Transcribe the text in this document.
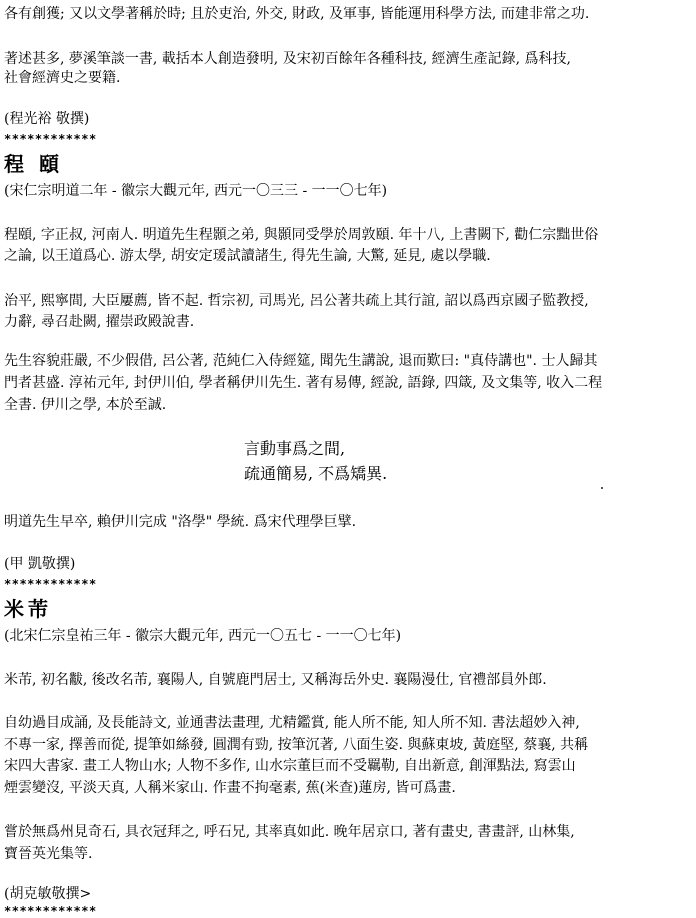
各有創獲; 又以文學著稱於時; 且於吏治, 外交, 財政, 及軍事, 皆能運用科學方法, 而建非常之功.
著述甚多, 夢溪筆談一書, 載括本人創造發明, 及宋初百餘年各種科技, 經濟生產記錄, 爲科技,
社會經濟史之要籍.
(程光裕 敬撰)
************
程 頤
(宋仁宗明道二年 - 徽宗大觀元年, 西元一〇三三 - 一一〇七年)
程頤, 字正叔, 河南人. 明道先生程顥之弟, 與顥同受學於周敦頤. 年十八, 上書闕下, 勸仁宗黜世俗
之論, 以王道爲心. 游太學, 胡安定瑗試讀諸生, 得先生論, 大驚, 延見, 處以學職.
治平, 熙寧間, 大臣屢薦, 皆不起. 哲宗初, 司馬光, 呂公著共疏上其行誼, 詔以爲西京國子監教授,
力辭, 尋召赴闕, 擢崇政殿說書.
先生容貌莊嚴, 不少假借, 呂公著, 范純仁入侍經筵, 聞先生講說, 退而歎曰: "真侍講也". 士人歸其
門者甚盛. 淳祐元年, 封伊川伯, 學者稱伊川先生. 著有易傳, 經說, 語錄, 四箴, 及文集等, 收入二程
全書. 伊川之學, 本於至誠.
言動事爲之間,
疏通簡易, 不爲矯異.
明道先生早卒, 賴伊川完成 "洛學" 學統. 爲宋代理學巨擘.
(甲 凱敬撰)
************
米芾
(北宋仁宗皇祐三年 - 徽宗大觀元年, 西元一〇五七 - 一一〇七年)
米芾, 初名黻, 後改名芾, 襄陽人, 自號鹿門居士, 又稱海岳外史. 襄陽漫仕, 官禮部員外郎.
自幼過目成誦, 及長能詩文, 並通書法畫理, 尤精鑑賞, 能人所不能, 知人所不知. 書法超妙入神,
不專一家, 擇善而從, 提筆如絲發, 圓潤有勁, 按筆沉著, 八面生姿. 與蘇東坡, 黃庭堅, 蔡襄, 共稱
宋四大書家. 畫工人物山水; 人物不多作, 山水宗董巨而不受羈勒, 自出新意, 創渾點法, 寫雲山
煙雲變沒, 平淡天真, 人稱米家山. 作畫不拘毫素, 蕉(米查)蓮房, 皆可爲畫.
嘗於無爲州見奇石, 具衣冠拜之, 呼石兄, 其率真如此. 晚年居京口, 著有畫史, 書畫評, 山林集,
寶晉英光集等.
(胡克敏敬撰>
************
